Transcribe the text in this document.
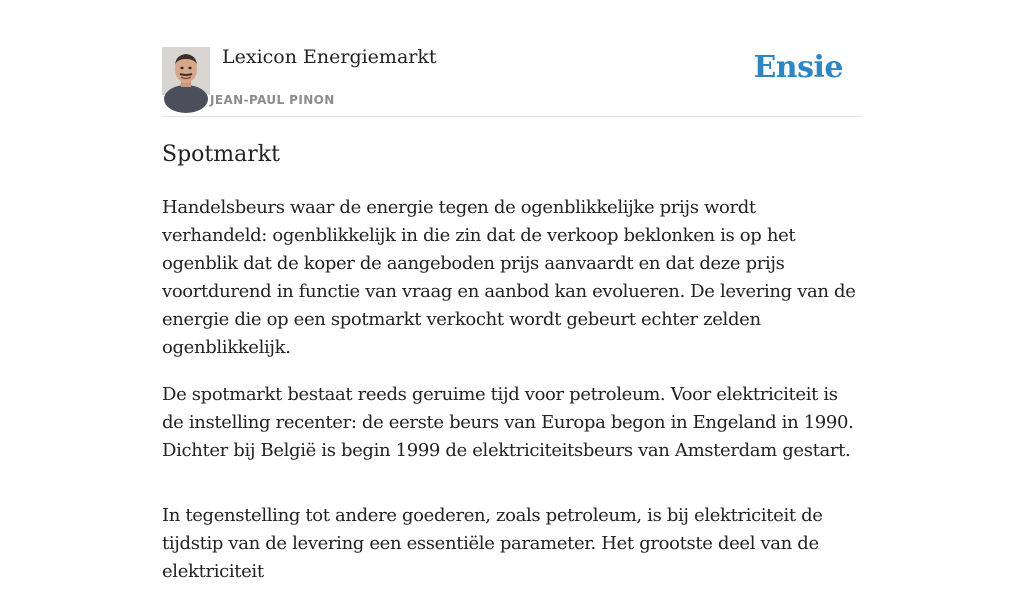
Lexicon Energiemarkt
JEAN-PAUL PINON
Ensie
Spotmarkt

Handelsbeurs waar de energie tegen de ogenblikkelijke prijs wordt verhandeld: ogenblikkelijk in die zin dat de verkoop beklonken is op het ogenblik dat de koper de aangeboden prijs aanvaardt en dat deze prijs voortdurend in functie van vraag en aanbod kan evolueren. De levering van de energie die op een spotmarkt verkocht wordt gebeurt echter zelden ogenblikkelijk.

De spotmarkt bestaat reeds geruime tijd voor petroleum. Voor elektriciteit is de instelling recenter: de eerste beurs van Europa begon in Engeland in 1990. Dichter bij België is begin 1999 de elektriciteitsbeurs van Amsterdam gestart.

In tegenstelling tot andere goederen, zoals petroleum, is bij elektriciteit de tijdstip van de levering een essentiële parameter. Het grootste deel van de elektriciteit
